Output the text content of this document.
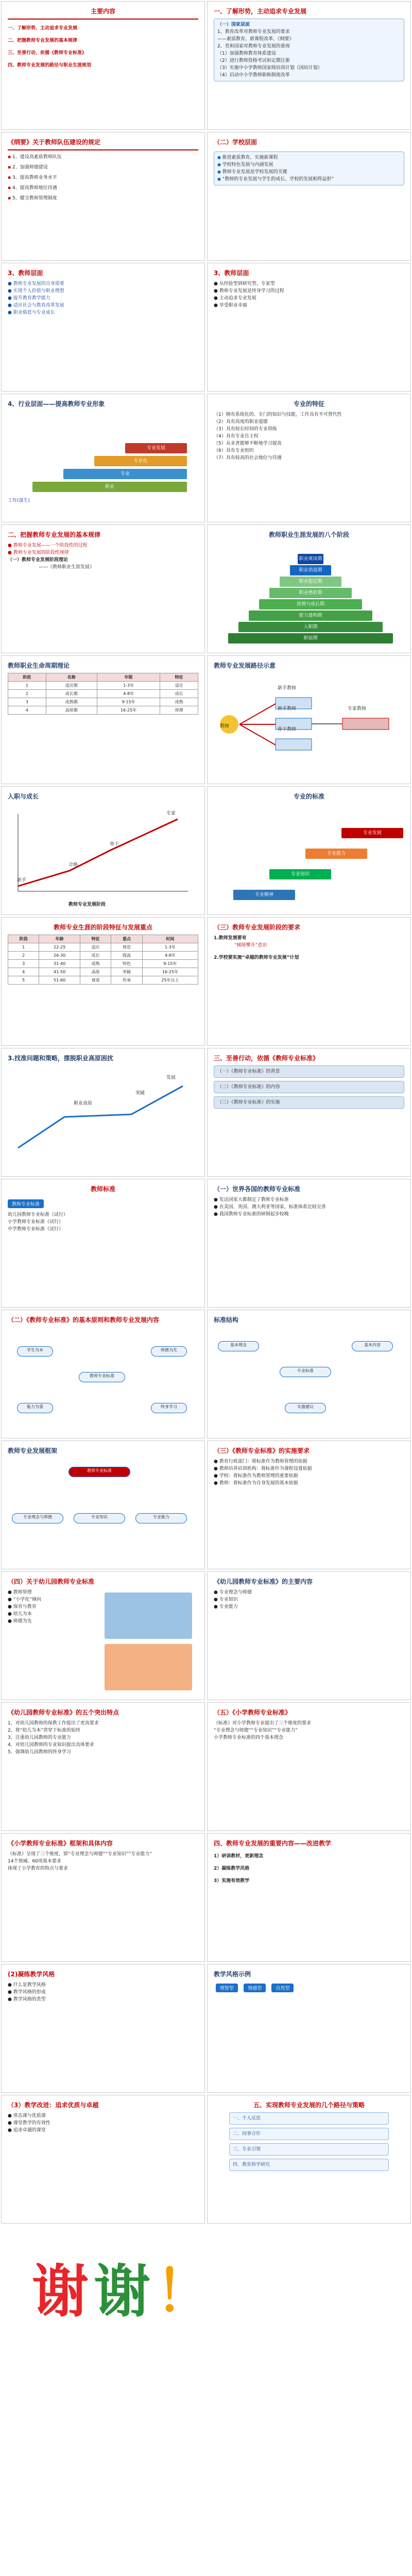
主要内容
一、了解形势，主动追求专业发展
二、把握教师专业发展的基本规律
三、至善行动，依循《教师专业标准》
四、教师专业发展的路径与职业生涯规划
一、了解形势，主动追求专业发展
（一）国家层面
1、教育改革对教师专业发展的要求
——素质教育、新课程改革、《纲要》
2、党和国家对教师专业发展的重视
（1）加强教师教育体系建设
（2）进行教师资格考试和定期注册
（3）实施中小学教师国家级培训计划（国培计划）
（4）启动中小学教师职称制度改革
《纲要》关于教师队伍建设的规定
▪ 1、建设高素质教师队伍
▪ 2、加强师德建设
▪ 3、提高教师业务水平
▪ 4、提高教师地位待遇
▪ 5、健全教师管理制度
（二）学校层面
● 推进素质教育，实施新课程
● 学校特色发展与内涵发展
● 教师专业发展是学校发展的关键
● “教师的专业发展与学生的成长、学校的发展相得益彰”
3、教师层面
● 教师专业发展的自身需要
● 实现个人价值与职业理想
● 提升教育教学能力
● 适应社会与教育改革发展
● 职业倦怠与专业成长
3、教师层面
● 从经验型到研究型、专家型
● 教师专业发展是终身学习的过程
● 主动追求专业发展
● 享受职业幸福
4、行业层面——提高教师专业形象
职业
专业
专业化
专业发展
工作(谋生)
专业的特征
（1）拥有系统化的、专门的知识与技能，工作具有不可替代性
（2）具有高度的职业道德
（3）具有较长时间的专业训练
（4）具有专业自主权
（5）从业者能够不断地学习提高
（6）具有专业组织
（7）具有较高的社会地位与待遇
二、把握教师专业发展的基本规律
● 教师专业发展——一个阶段性的过程
● 教师专业发展的阶段性规律
（一）教师专业发展阶段理论
——《教师职业生涯发展》
教师职业生涯发展的八个阶段
职前期
入职期
能力建构期
热情与成长期
职业挫折期
职业稳定期
职业消退期
职业离岗期
教师职业生命周期理论
阶段	名称	年限	特征
1	适应期	1-3年	适应
2	成长期	4-8年	成长
3	成熟期	9-15年	成熟
4	高原期	16-25年	停滞
教师专业发展路径示意
教师
新手教师
熟手教师
骨干教师
专家教师
入职与成长
新手
合格
骨干
专家
教师专业发展阶段
专业的标准
专业精神
专业知识
专业能力
专业发展
教师专业生涯的阶段特征与发展重点
阶段	年龄	特征	重点	时间
1	22-25	适应	规范	1-3年
2	26-30	成长	提高	4-8年
3	31-40	成熟	特色	9-15年
4	41-50	高原	突破	16-25年
5	51-60	衰退	传承	25年以上
（三）教师专业发展阶段的要求
1.教师发展要有
“梯级攀升”意识
2.学校要实施“卓越的教师专业发展”计划
3.找准问题和策略，摆脱职业高原困扰
职业高原
突破
发展
三、至善行动，依循《教师专业标准》
（一）《教师专业标准》的背景
（二）《教师专业标准》的内容
（三）《教师专业标准》的实施
教师标准
教师专业标准
幼儿园教师专业标准（试行）
小学教师专业标准（试行）
中学教师专业标准（试行）
（一）世界各国的教师专业标准
● 发达国家大都制定了教师专业标准
● 在美国、英国、澳大利亚等国家，标准体系比较完善
● 我国教师专业标准的研制起步较晚
（二）《教师专业标准》的基本原则和教师专业发展内容
教师专业标准
学生为本	师德为先
能力为重	终身学习
标准结构
专业标准
基本理念	基本内容
实施建议
教师专业发展框架
教师专业标准
专业理念与师德	专业知识	专业能力
（三）《教师专业标准》的实施要求
● 教育行政部门：将标准作为教师管理的依据
● 教师培养培训机构：将标准作为课程设置依据
● 学校：将标准作为教师管理的重要依据
● 教师：将标准作为自身发展的基本依据
（四）关于幼儿园教师专业标准
● 教师管理
● “小学化”倾向
● 保育与教育
● 幼儿为本
● 师德为先
《幼儿园教师专业标准》的主要内容
● 专业理念与师德
● 专业知识
● 专业能力
《幼儿园教师专业标准》的五个突出特点
1、对幼儿园教师的保教工作提出了更高要求
2、将“幼儿为本”贯穿于标准的始终
3、注重幼儿园教师的专业能力
4、对幼儿园教师的专业知识提出具体要求
5、强调幼儿园教师的终身学习
（五）《小学教师专业标准》
《标准》对小学教师专业提出了三个维度的要求
“专业理念与师德”“专业知识”“专业能力”
小学教师专业标准的四个基本理念
《小学教师专业标准》框架和具体内容
《标准》呈现了三个维度，即“专业理念与师德”“专业知识”“专业能力”
14个领域、60项基本要求
体现了小学教育的特点与要求
四、教师专业发展的重要内容——改进教学
1）研读教材，更新理念
2）凝练教学风格
3）实施有效教学
(2)凝练教学风格
● 什么是教学风格
● 教学风格的形成
● 教学风格的类型
教学风格示例
理智型	情感型	自然型
（3）教学改进：追求优质与卓越
● 常态课与优质课
● 课堂教学的有效性
● 追求卓越的课堂
五、实现教师专业发展的几个路径与策略
一、个人反思
二、同事合作
三、专业引领
四、教育科学研究
谢谢！
